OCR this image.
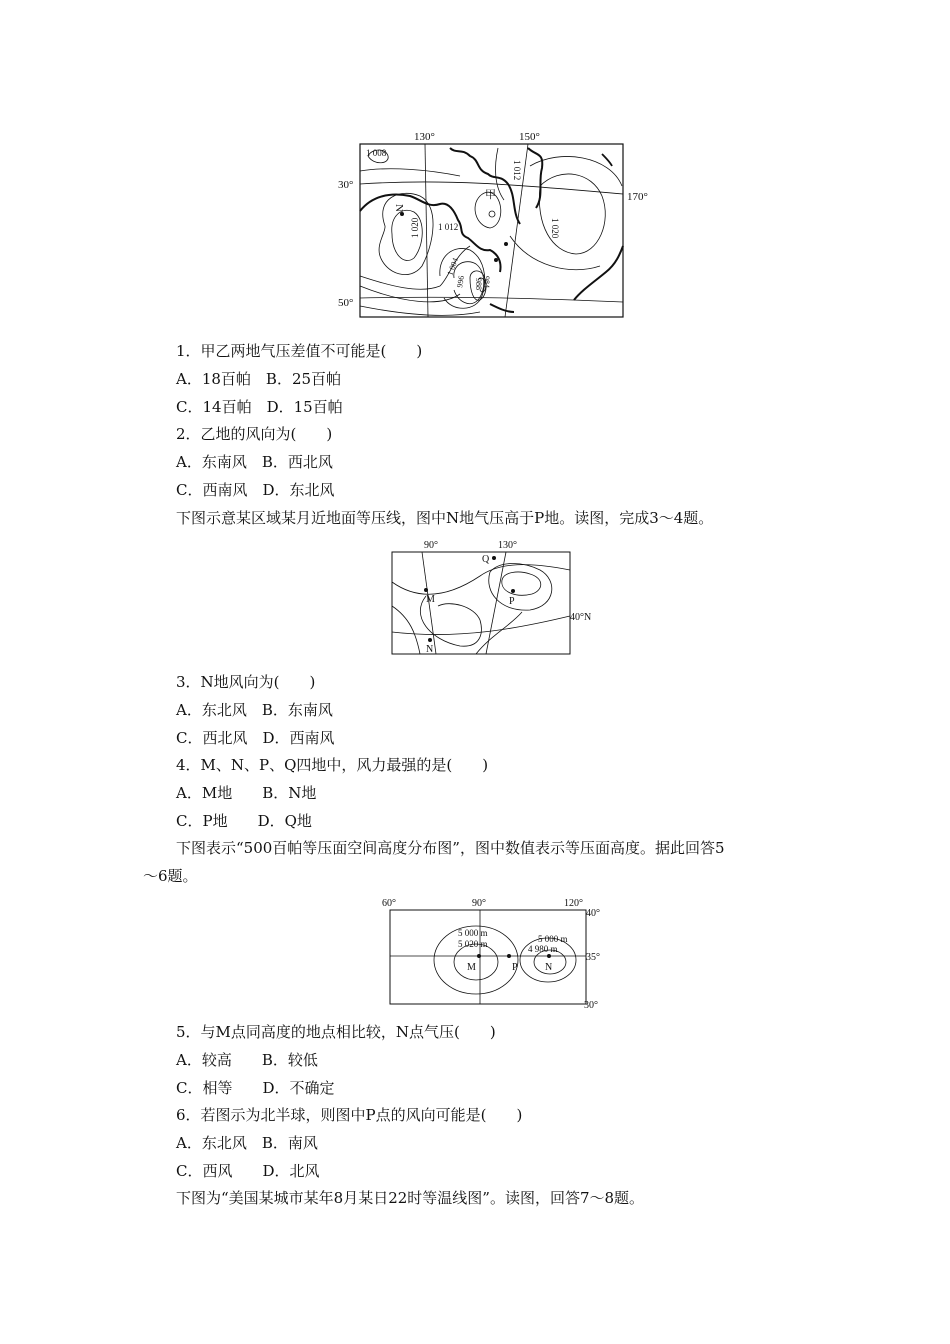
130°	150°
170°
30°
50°
1 008
1 020 1 012
1 012
1 020
1 004
996 988 984
N
甲
1．甲乙两地气压差值不可能是(　　)
A．18百帕　B．25百帕
C．14百帕　D．15百帕
2．乙地的风向为(　　)
A．东南风　B．西北风
C．西南风　D．东北风
下图示意某区域某月近地面等压线，图中N地气压高于P地。读图，完成3～4题。
90°	130°
40°N
Q
M	P
N
3．N地风向为(　　)
A．东北风　B．东南风
C．西北风　D．西南风
4．M、N、P、Q四地中，风力最强的是(　　)
A．M地　　B．N地
C．P地　　D．Q地
下图表示“500百帕等压面空间高度分布图”，图中数值表示等压面高度。据此回答5
～6题。
60°	90°	120°
40°
35°
30°
5 000 m
5 020 m	5 000 m
4 980 m
M	P	N
5．与M点同高度的地点相比较，N点气压(　　)
A．较高　　B．较低
C．相等　　D．不确定
6．若图示为北半球，则图中P点的风向可能是(　　)
A．东北风　B．南风
C．西风　　D．北风
下图为“美国某城市某年8月某日22时等温线图”。读图，回答7～8题。
